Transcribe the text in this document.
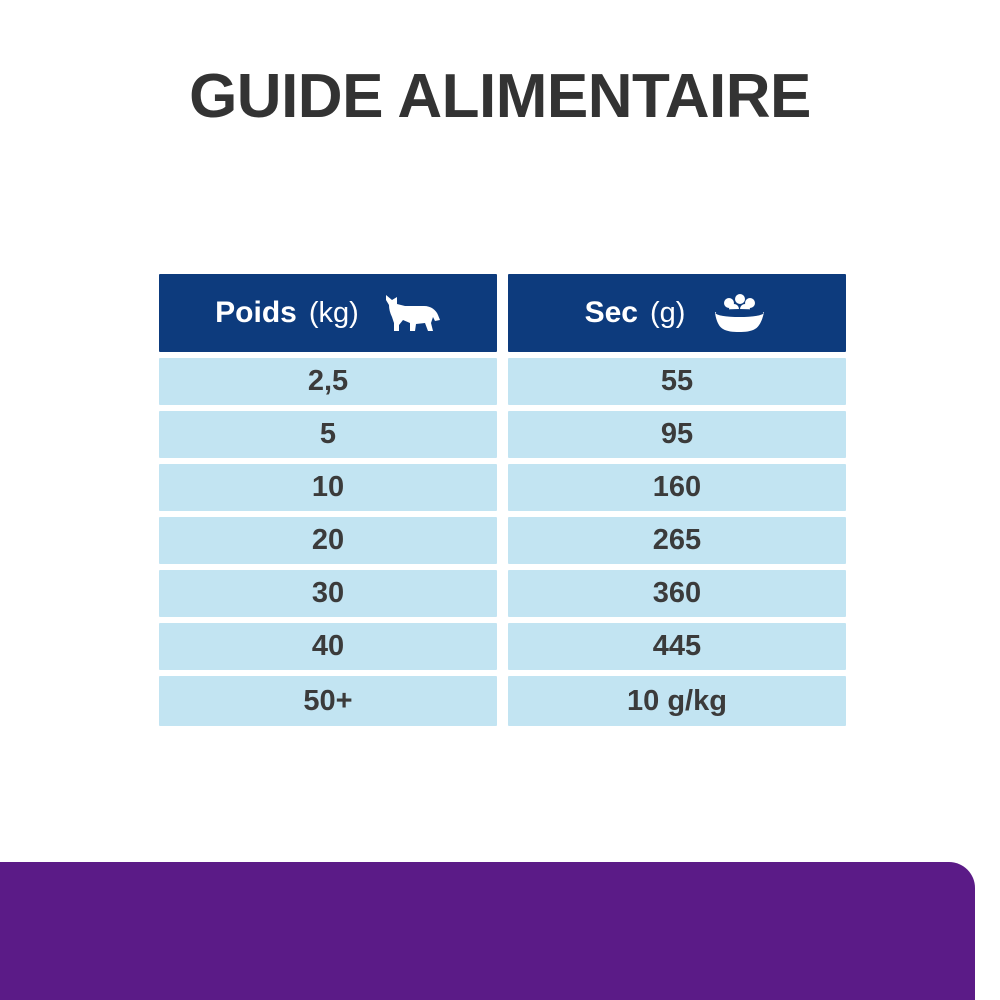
GUIDE ALIMENTAIRE
Poids (kg)	Sec (g)
2,5	55
5	95
10	160
20	265
30	360
40	445
50+	10 g/kg
